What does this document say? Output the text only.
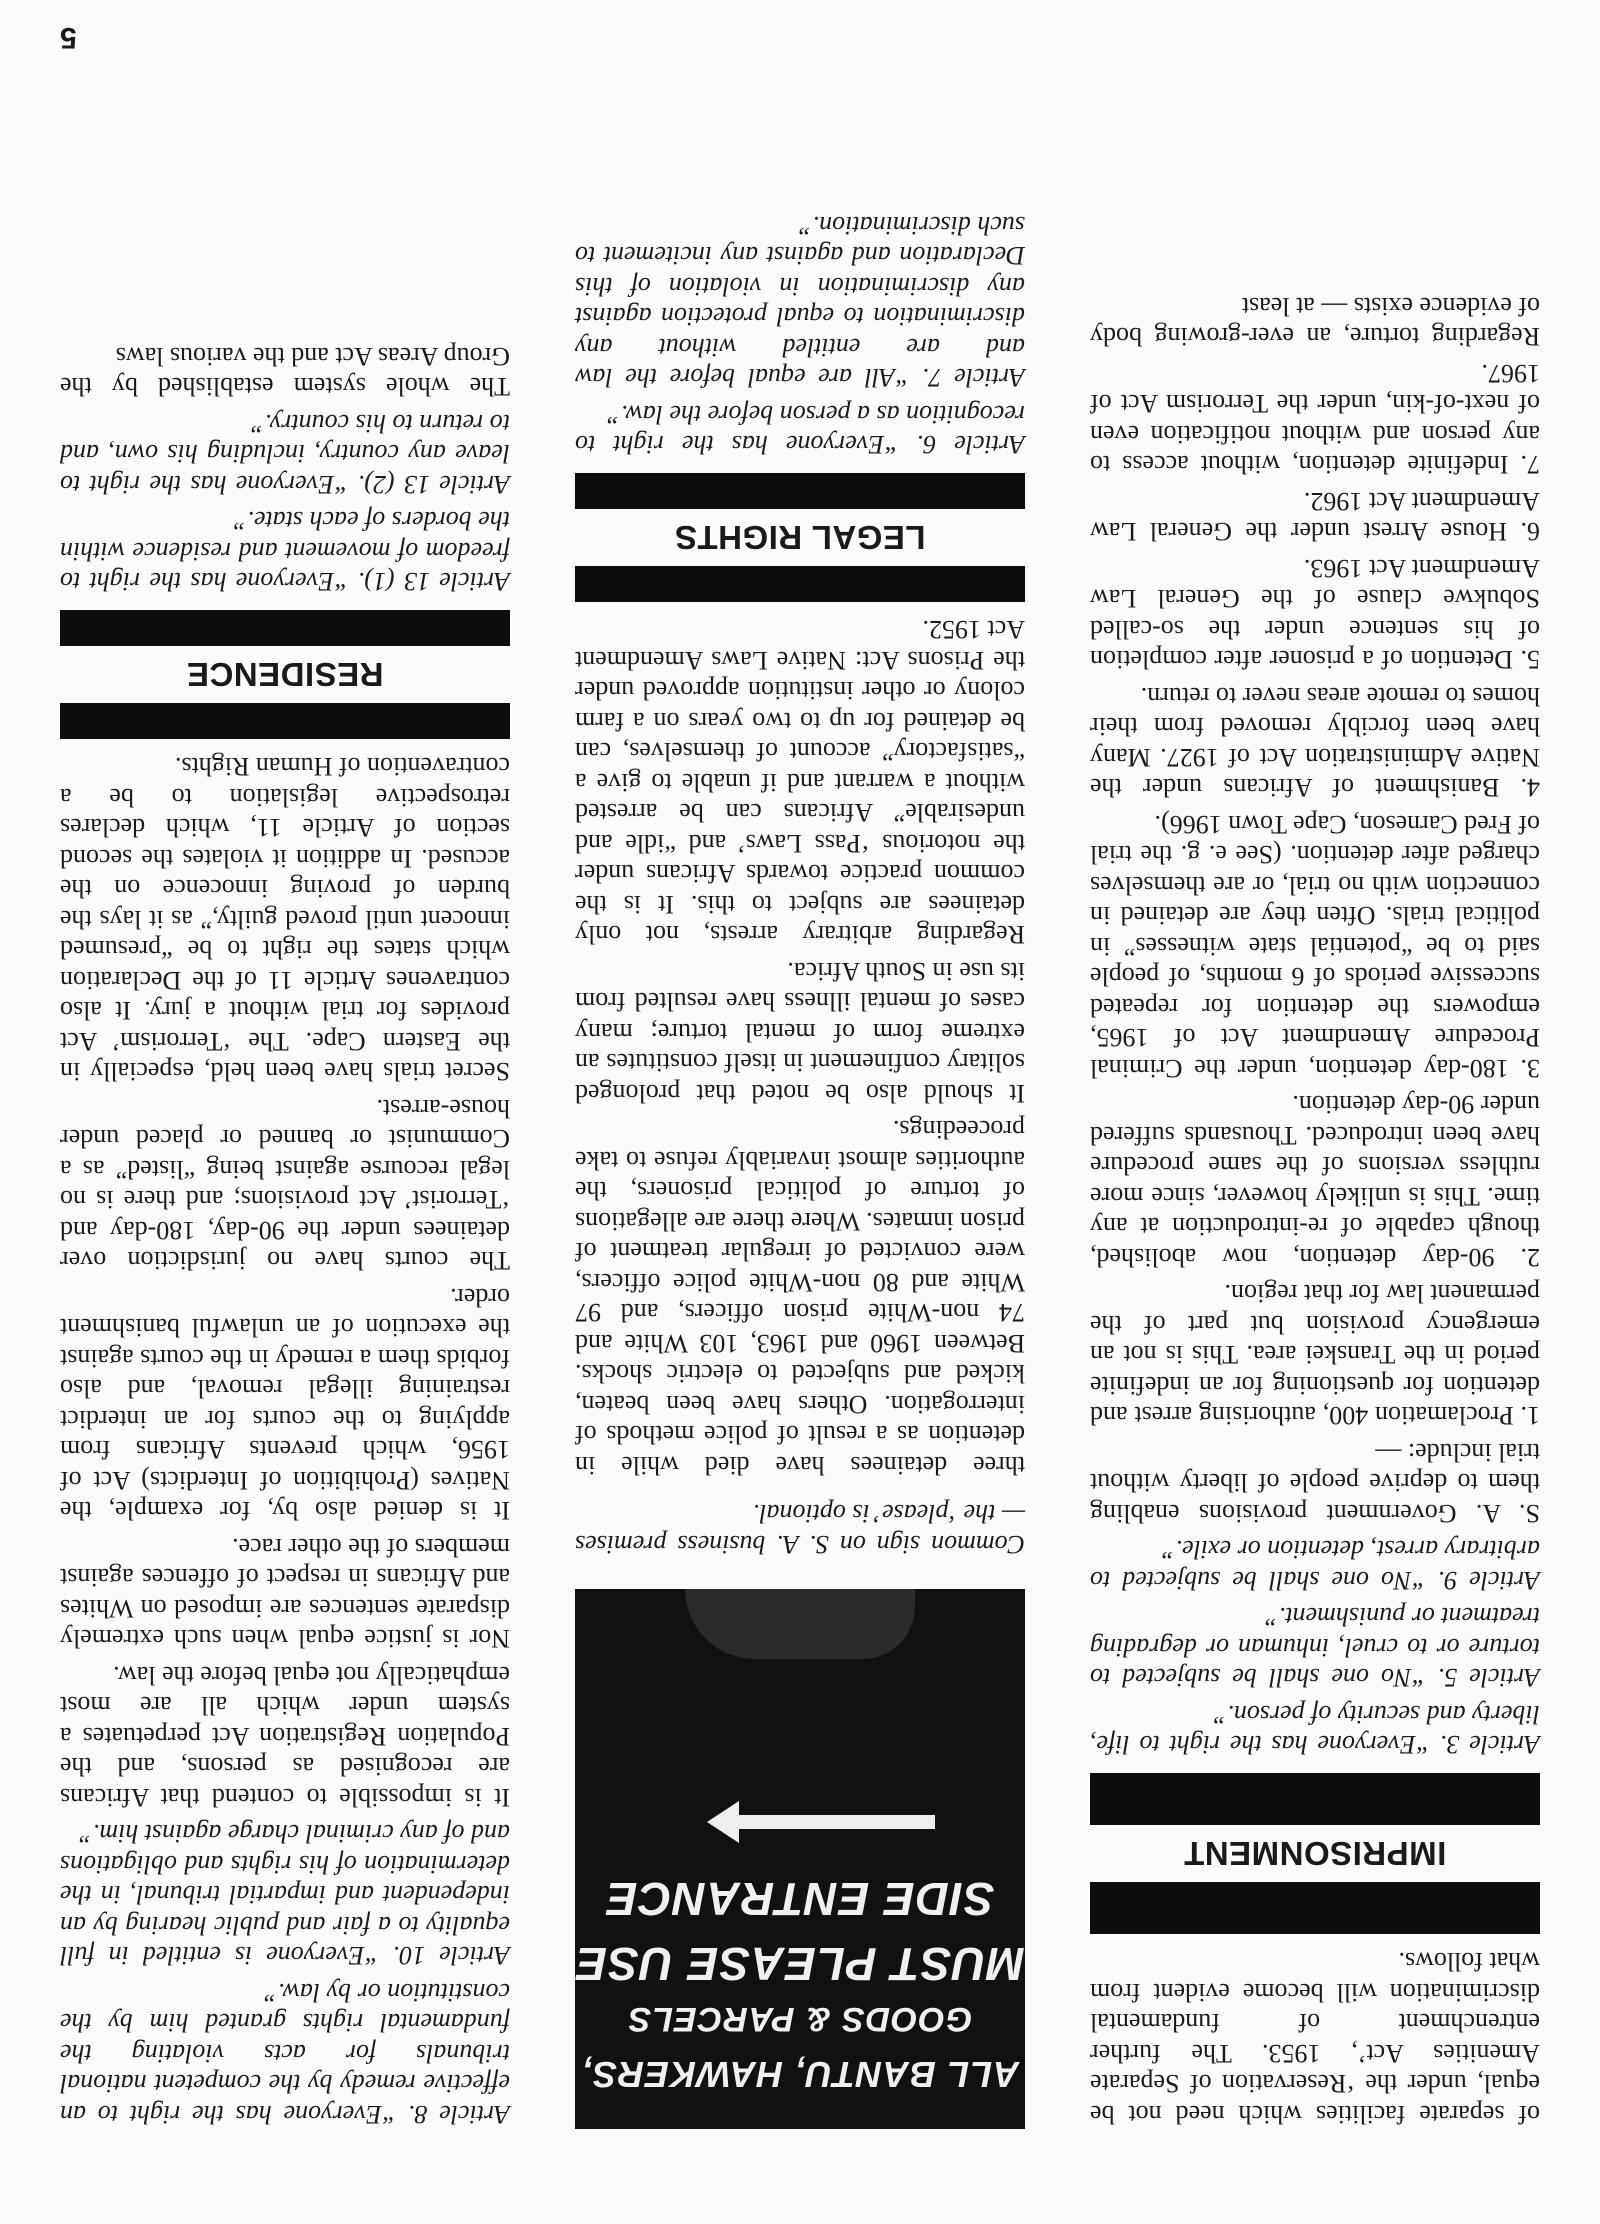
of separate facilities which need not be equal, under the ‘Reservation of Separate Amenities Act’, 1953. The further entrenchment of fundamental discrimination will become evident from what follows.

IMPRISONMENT

Article 3. “Everyone has the right to life, liberty and security of person.”

Article 5. “No one shall be subjected to torture or to cruel, inhuman or degrading treatment or punishment.”

Article 9. “No one shall be subjected to arbitrary arrest, detention or exile.”

S. A. Government provisions enabling them to deprive people of liberty without trial include: —

1. Proclamation 400, authorising arrest and detention for questioning for an indefinite period in the Transkei area. This is not an emergency provision but part of the permanent law for that region.

2. 90-day detention, now abolished, though capable of re-introduction at any time. This is unlikely however, since more ruthless versions of the same procedure have been introduced. Thousands suffered under 90-day detention.

3. 180-day detention, under the Criminal Procedure Amendment Act of 1965, empowers the detention for repeated successive periods of 6 months, of people said to be “potential state witnesses” in political trials. Often they are detained in connection with no trial, or are themselves charged after detention. (See e. g. the trial of Fred Carneson, Cape Town 1966).

4. Banishment of Africans under the Native Administration Act of 1927. Many have been forcibly removed from their homes to remote areas never to return.

5. Detention of a prisoner after completion of his sentence under the so-called Sobukwe clause of the General Law Amendment Act 1963.

6. House Arrest under the General Law Amendment Act 1962.

7. Indefinite detention, without access to any person and without notification even of next-of-kin, under the Terrorism Act of 1967.

Regarding torture, an ever-growing body of evidence exists — at least

ALL BANTU, HAWKERS,
GOODS & PARCELS
MUST PLEASE USE
SIDE ENTRANCE

Common sign on S. A. business premises — the ‘please’ is optional.

three detainees have died while in detention as a result of police methods of interrogation. Others have been beaten, kicked and subjected to electric shocks. Between 1960 and 1963, 103 White and 74 non-White prison officers, and 97 White and 80 non-White police officers, were convicted of irregular treatment of prison inmates. Where there are allegations of torture of political prisoners, the authorities almost invariably refuse to take proceedings.

It should also be noted that prolonged solitary confinement in itself constitutes an extreme form of mental torture; many cases of mental illness have resulted from its use in South Africa.

Regarding arbitrary arrests, not only detainees are subject to this. It is the common practice towards Africans under the notorious ‘Pass Laws’ and “idle and undesirable” Africans can be arrested without a warrant and if unable to give a “satisfactory” account of themselves, can be detained for up to two years on a farm colony or other institution approved under the Prisons Act: Native Laws Amendment Act 1952.

LEGAL RIGHTS

Article 6. “Everyone has the right to recognition as a person before the law.”

Article 7. “All are equal before the law and are entitled without any discrimination to equal protection against any discrimination in violation of this Declaration and against any incitement to such discrimination.”

Article 8. “Everyone has the right to an effective remedy by the competent national tribunals for acts violating the fundamental rights granted him by the constitution or by law.”

Article 10. “Everyone is entitled in full equality to a fair and public hearing by an independent and impartial tribunal, in the determination of his rights and obligations and of any criminal charge against him.”

It is impossible to contend that Africans are recognised as persons, and the Population Registration Act perpetuates a system under which all are most emphatically not equal before the law.

Nor is justice equal when such extremely disparate sentences are imposed on Whites and Africans in respect of offences against members of the other race.

It is denied also by, for example, the Natives (Prohibition of Interdicts) Act of 1956, which prevents Africans from applying to the courts for an interdict restraining illegal removal, and also forbids them a remedy in the courts against the execution of an unlawful banishment order.

The courts have no jurisdiction over detainees under the 90-day, 180-day and ‘Terrorist’ Act provisions; and there is no legal recourse against being “listed” as a Communist or banned or placed under house-arrest.

Secret trials have been held, especially in the Eastern Cape. The ‘Terrorism’ Act provides for trial without a jury. It also contravenes Article 11 of the Declaration which states the right to be “presumed innocent until proved guilty,” as it lays the burden of proving innocence on the accused. In addition it violates the second section of Article 11, which declares retrospective legislation to be a contravention of Human Rights.

RESIDENCE

Article 13 (1). “Everyone has the right to freedom of movement and residence within the borders of each state.”

Article 13 (2). “Everyone has the right to leave any country, including his own, and to return to his country.”

The whole system established by the Group Areas Act and the various laws

5
